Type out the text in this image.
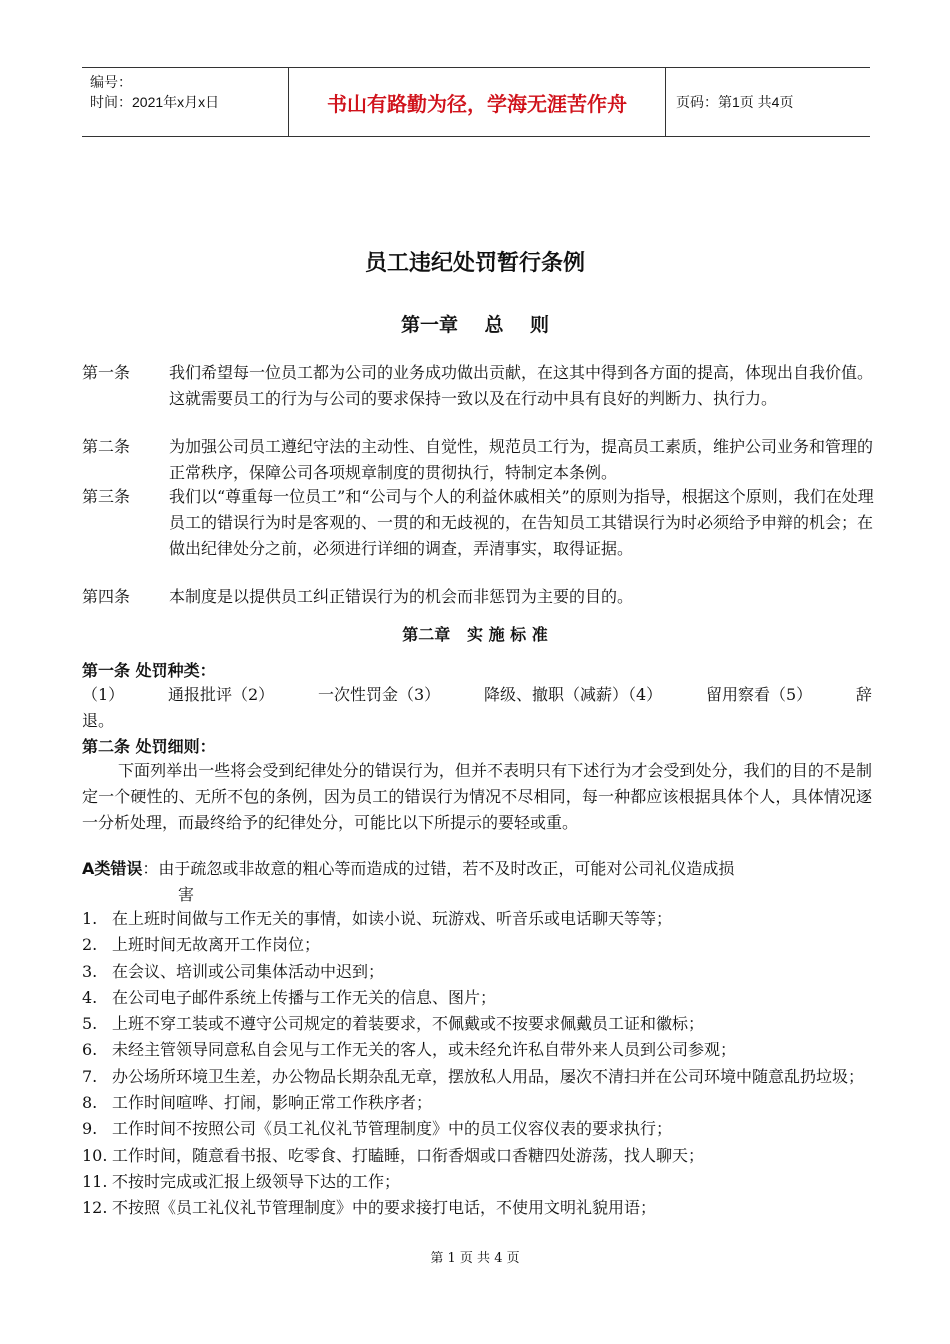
编号：
时间：2021年x月x日	书山有路勤为径，学海无涯苦作舟	页码：第1页 共4页
员工违纪处罚暂行条例
第一章    总    则
第一条 我们希望每一位员工都为公司的业务成功做出贡献，在这其中得到各方面的提高，体现出自我价值。这就需要员工的行为与公司的要求保持一致以及在行动中具有良好的判断力、执行力。
第二条 为加强公司员工遵纪守法的主动性、自觉性，规范员工行为，提高员工素质，维护公司业务和管理的正常秩序，保障公司各项规章制度的贯彻执行，特制定本条例。
第三条 我们以“尊重每一位员工”和“公司与个人的利益休戚相关”的原则为指导，根据这个原则，我们在处理员工的错误行为时是客观的、一贯的和无歧视的，在告知员工其错误行为时必须给予申辩的机会；在做出纪律处分之前，必须进行详细的调查，弄清事实，取得证据。
第四条 本制度是以提供员工纠正错误行为的机会而非惩罚为主要的目的。
第二章   实 施 标 准
第一条 处罚种类：
（1）	通报批评（2）	一次性罚金（3）	降级、撤职（减薪）（4）	留用察看（5）	辞
退。
第二条 处罚细则：
下面列举出一些将会受到纪律处分的错误行为，但并不表明只有下述行为才会受到处分，我们的目的不是制定一个硬性的、无所不包的条例，因为员工的错误行为情况不尽相同，每一种都应该根据具体个人，具体情况逐一分析处理，而最终给予的纪律处分，可能比以下所提示的要轻或重。
A类错误：由于疏忽或非故意的粗心等而造成的过错，若不及时改正，可能对公司礼仪造成损
害
1. 在上班时间做与工作无关的事情，如读小说、玩游戏、听音乐或电话聊天等等；
2. 上班时间无故离开工作岗位；
3. 在会议、培训或公司集体活动中迟到；
4. 在公司电子邮件系统上传播与工作无关的信息、图片；
5. 上班不穿工装或不遵守公司规定的着装要求，不佩戴或不按要求佩戴员工证和徽标；
6. 未经主管领导同意私自会见与工作无关的客人，或未经允许私自带外来人员到公司参观；
7. 办公场所环境卫生差，办公物品长期杂乱无章，摆放私人用品，屡次不清扫并在公司环境中随意乱扔垃圾；
8. 工作时间喧哗、打闹，影响正常工作秩序者；
9. 工作时间不按照公司《员工礼仪礼节管理制度》中的员工仪容仪表的要求执行；
10. 工作时间，随意看书报、吃零食、打瞌睡，口衔香烟或口香糖四处游荡，找人聊天；
11. 不按时完成或汇报上级领导下达的工作；
12. 不按照《员工礼仪礼节管理制度》中的要求接打电话，不使用文明礼貌用语；
第 1 页 共 4 页
